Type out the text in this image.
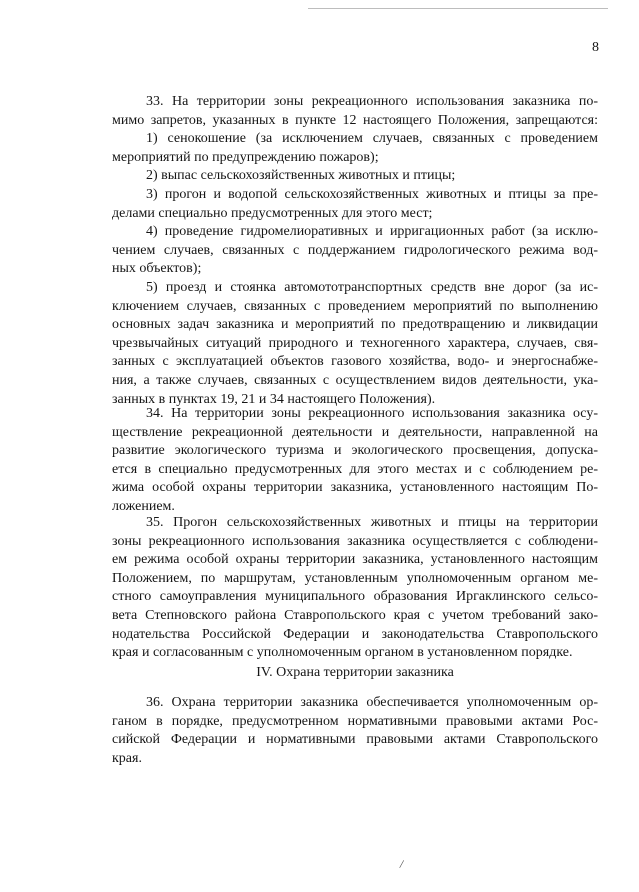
8
33. На территории зоны рекреационного использования заказника по-
мимо запретов, указанных в пункте 12 настоящего Положения, запрещаются:
1) сенокошение (за исключением случаев, связанных с проведением
мероприятий по предупреждению пожаров);
2) выпас сельскохозяйственных животных и птицы;
3) прогон и водопой сельскохозяйственных животных и птицы за пре-
делами специально предусмотренных для этого мест;
4) проведение гидромелиоративных и ирригационных работ (за исклю-
чением случаев, связанных с поддержанием гидрологического режима вод-
ных объектов);
5) проезд и стоянка автомототранспортных средств вне дорог (за ис-
ключением случаев, связанных с проведением мероприятий по выполнению
основных задач заказника и мероприятий по предотвращению и ликвидации
чрезвычайных ситуаций природного и техногенного характера, случаев, свя-
занных с эксплуатацией объектов газового хозяйства, водо- и энергоснабже-
ния, а также случаев, связанных с осуществлением видов деятельности, ука-
занных в пунктах 19, 21 и 34 настоящего Положения).
34. На территории зоны рекреационного использования заказника осу-
ществление рекреационной деятельности и деятельности, направленной на
развитие экологического туризма и экологического просвещения, допуска-
ется в специально предусмотренных для этого местах и с соблюдением ре-
жима особой охраны территории заказника, установленного настоящим По-
ложением.
35. Прогон сельскохозяйственных животных и птицы на территории
зоны рекреационного использования заказника осуществляется с соблюдени-
ем режима особой охраны территории заказника, установленного настоящим
Положением, по маршрутам, установленным уполномоченным органом ме-
стного самоуправления муниципального образования Иргаклинского сельсо-
вета Степновского района Ставропольского края с учетом требований зако-
нодательства Российской Федерации и законодательства Ставропольского
края и согласованным с уполномоченным органом в установленном порядке.
IV. Охрана территории заказника
36. Охрана территории заказника обеспечивается уполномоченным ор-
ганом в порядке, предусмотренном нормативными правовыми актами Рос-
сийской Федерации и нормативными правовыми актами Ставропольского
края.
/
